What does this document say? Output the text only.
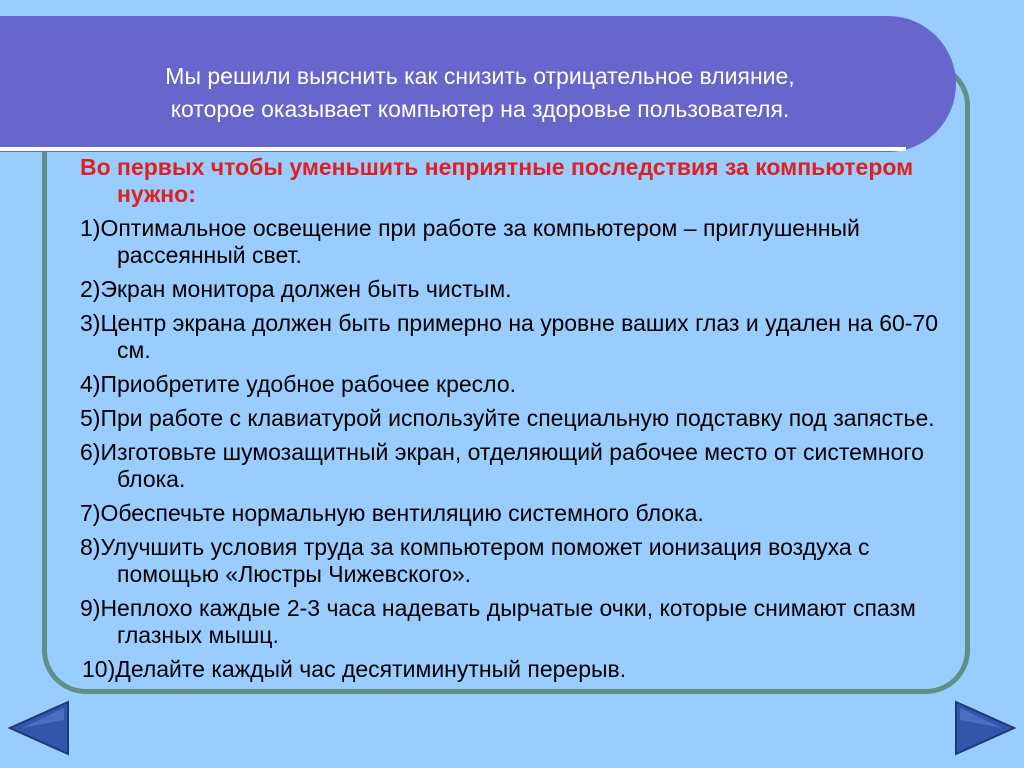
Мы решили выяснить как снизить отрицательное влияние,
которое оказывает компьютер на здоровье пользователя.
Во первых чтобы уменьшить неприятные последствия за компьютером нужно:
1)Оптимальное освещение при работе за компьютером – приглушенный рассеянный свет.
2)Экран монитора должен быть чистым.
3)Центр экрана должен быть примерно на уровне ваших глаз и удален на 60-70 см.
4)Приобретите удобное рабочее кресло.
5)При работе с клавиатурой используйте специальную подставку под запястье.
6)Изготовьте шумозащитный экран, отделяющий рабочее место от системного блока.
7)Обеспечьте нормальную вентиляцию системного блока.
8)Улучшить условия труда за компьютером поможет ионизация воздуха с помощью «Люстры Чижевского».
9)Неплохо каждые 2-3 часа надевать дырчатые очки, которые снимают спазм глазных мышц.
10)Делайте каждый час десятиминутный перерыв.
